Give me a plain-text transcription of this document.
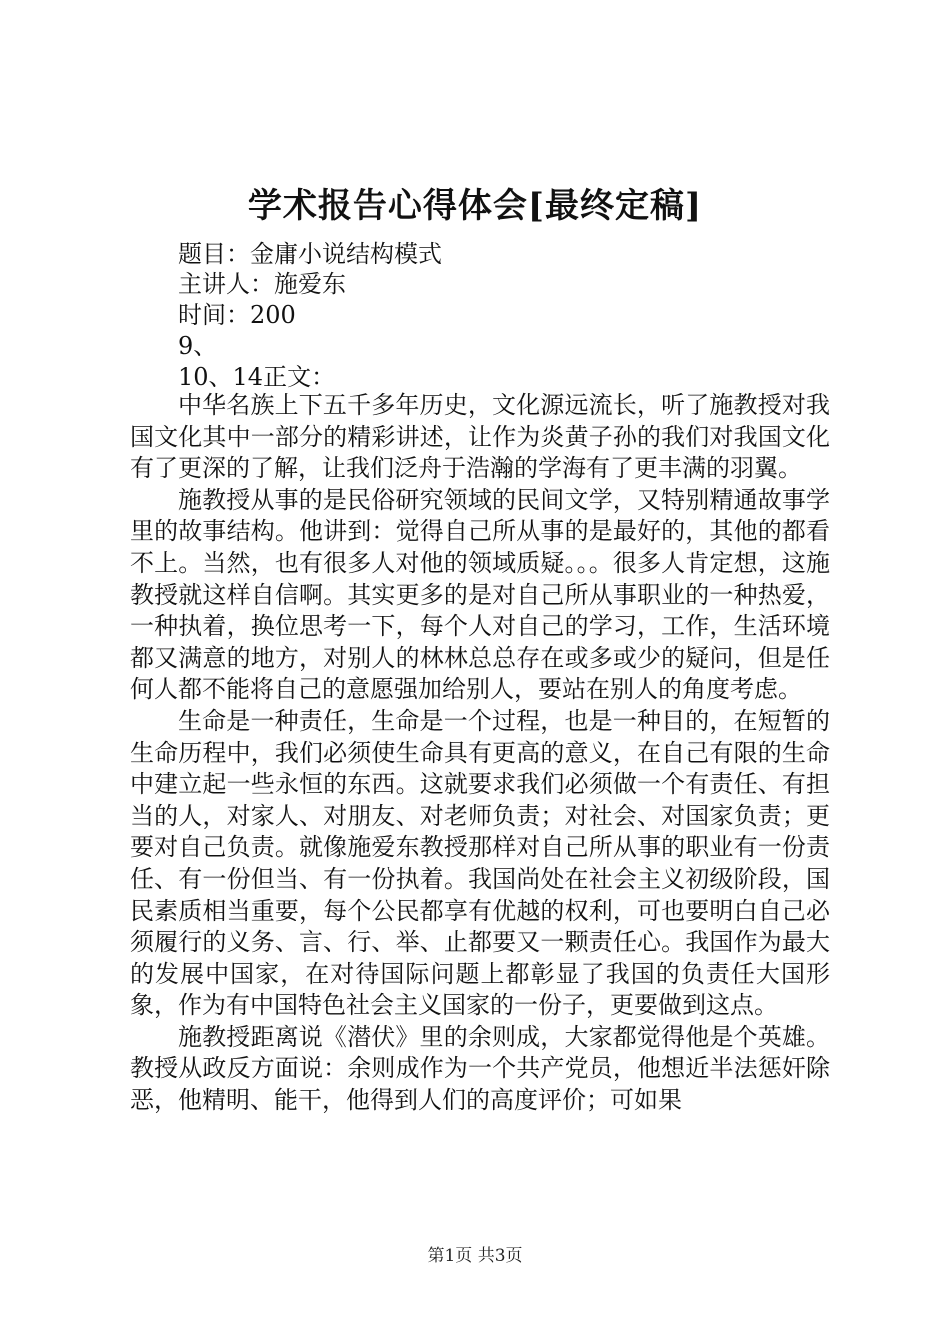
学术报告心得体会[最终定稿]
题目：金庸小说结构模式
主讲人：施爱东
时间：200
9、
10、14正文：

中华名族上下五千多年历史，文化源远流长，听了施教授对我国文化其中一部分的精彩讲述，让作为炎黄子孙的我们对我国文化有了更深的了解，让我们泛舟于浩瀚的学海有了更丰满的羽翼。

施教授从事的是民俗研究领域的民间文学，又特别精通故事学里的故事结构。他讲到：觉得自己所从事的是最好的，其他的都看不上。当然，也有很多人对他的领域质疑。。。很多人肯定想，这施教授就这样自信啊。其实更多的是对自己所从事职业的一种热爱，一种执着，换位思考一下，每个人对自己的学习，工作，生活环境都又满意的地方，对别人的林林总总存在或多或少的疑问，但是任何人都不能将自己的意愿强加给别人，要站在别人的角度考虑。

生命是一种责任，生命是一个过程，也是一种目的，在短暂的生命历程中，我们必须使生命具有更高的意义，在自己有限的生命中建立起一些永恒的东西。这就要求我们必须做一个有责任、有担当的人，对家人、对朋友、对老师负责；对社会、对国家负责；更要对自己负责。就像施爱东教授那样对自己所从事的职业有一份责任、有一份但当、有一份执着。我国尚处在社会主义初级阶段，国民素质相当重要，每个公民都享有优越的权利，可也要明白自己必须履行的义务、言、行、举、止都要又一颗责任心。我国作为最大的发展中国家，在对待国际问题上都彰显了我国的负责任大国形象，作为有中国特色社会主义国家的一份子，更要做到这点。

施教授距离说《潜伏》里的余则成，大家都觉得他是个英雄。教授从政反方面说：余则成作为一个共产党员，他想近半法惩奸除恶，他精明、能干，他得到人们的高度评价；可如果

第1页 共3页
